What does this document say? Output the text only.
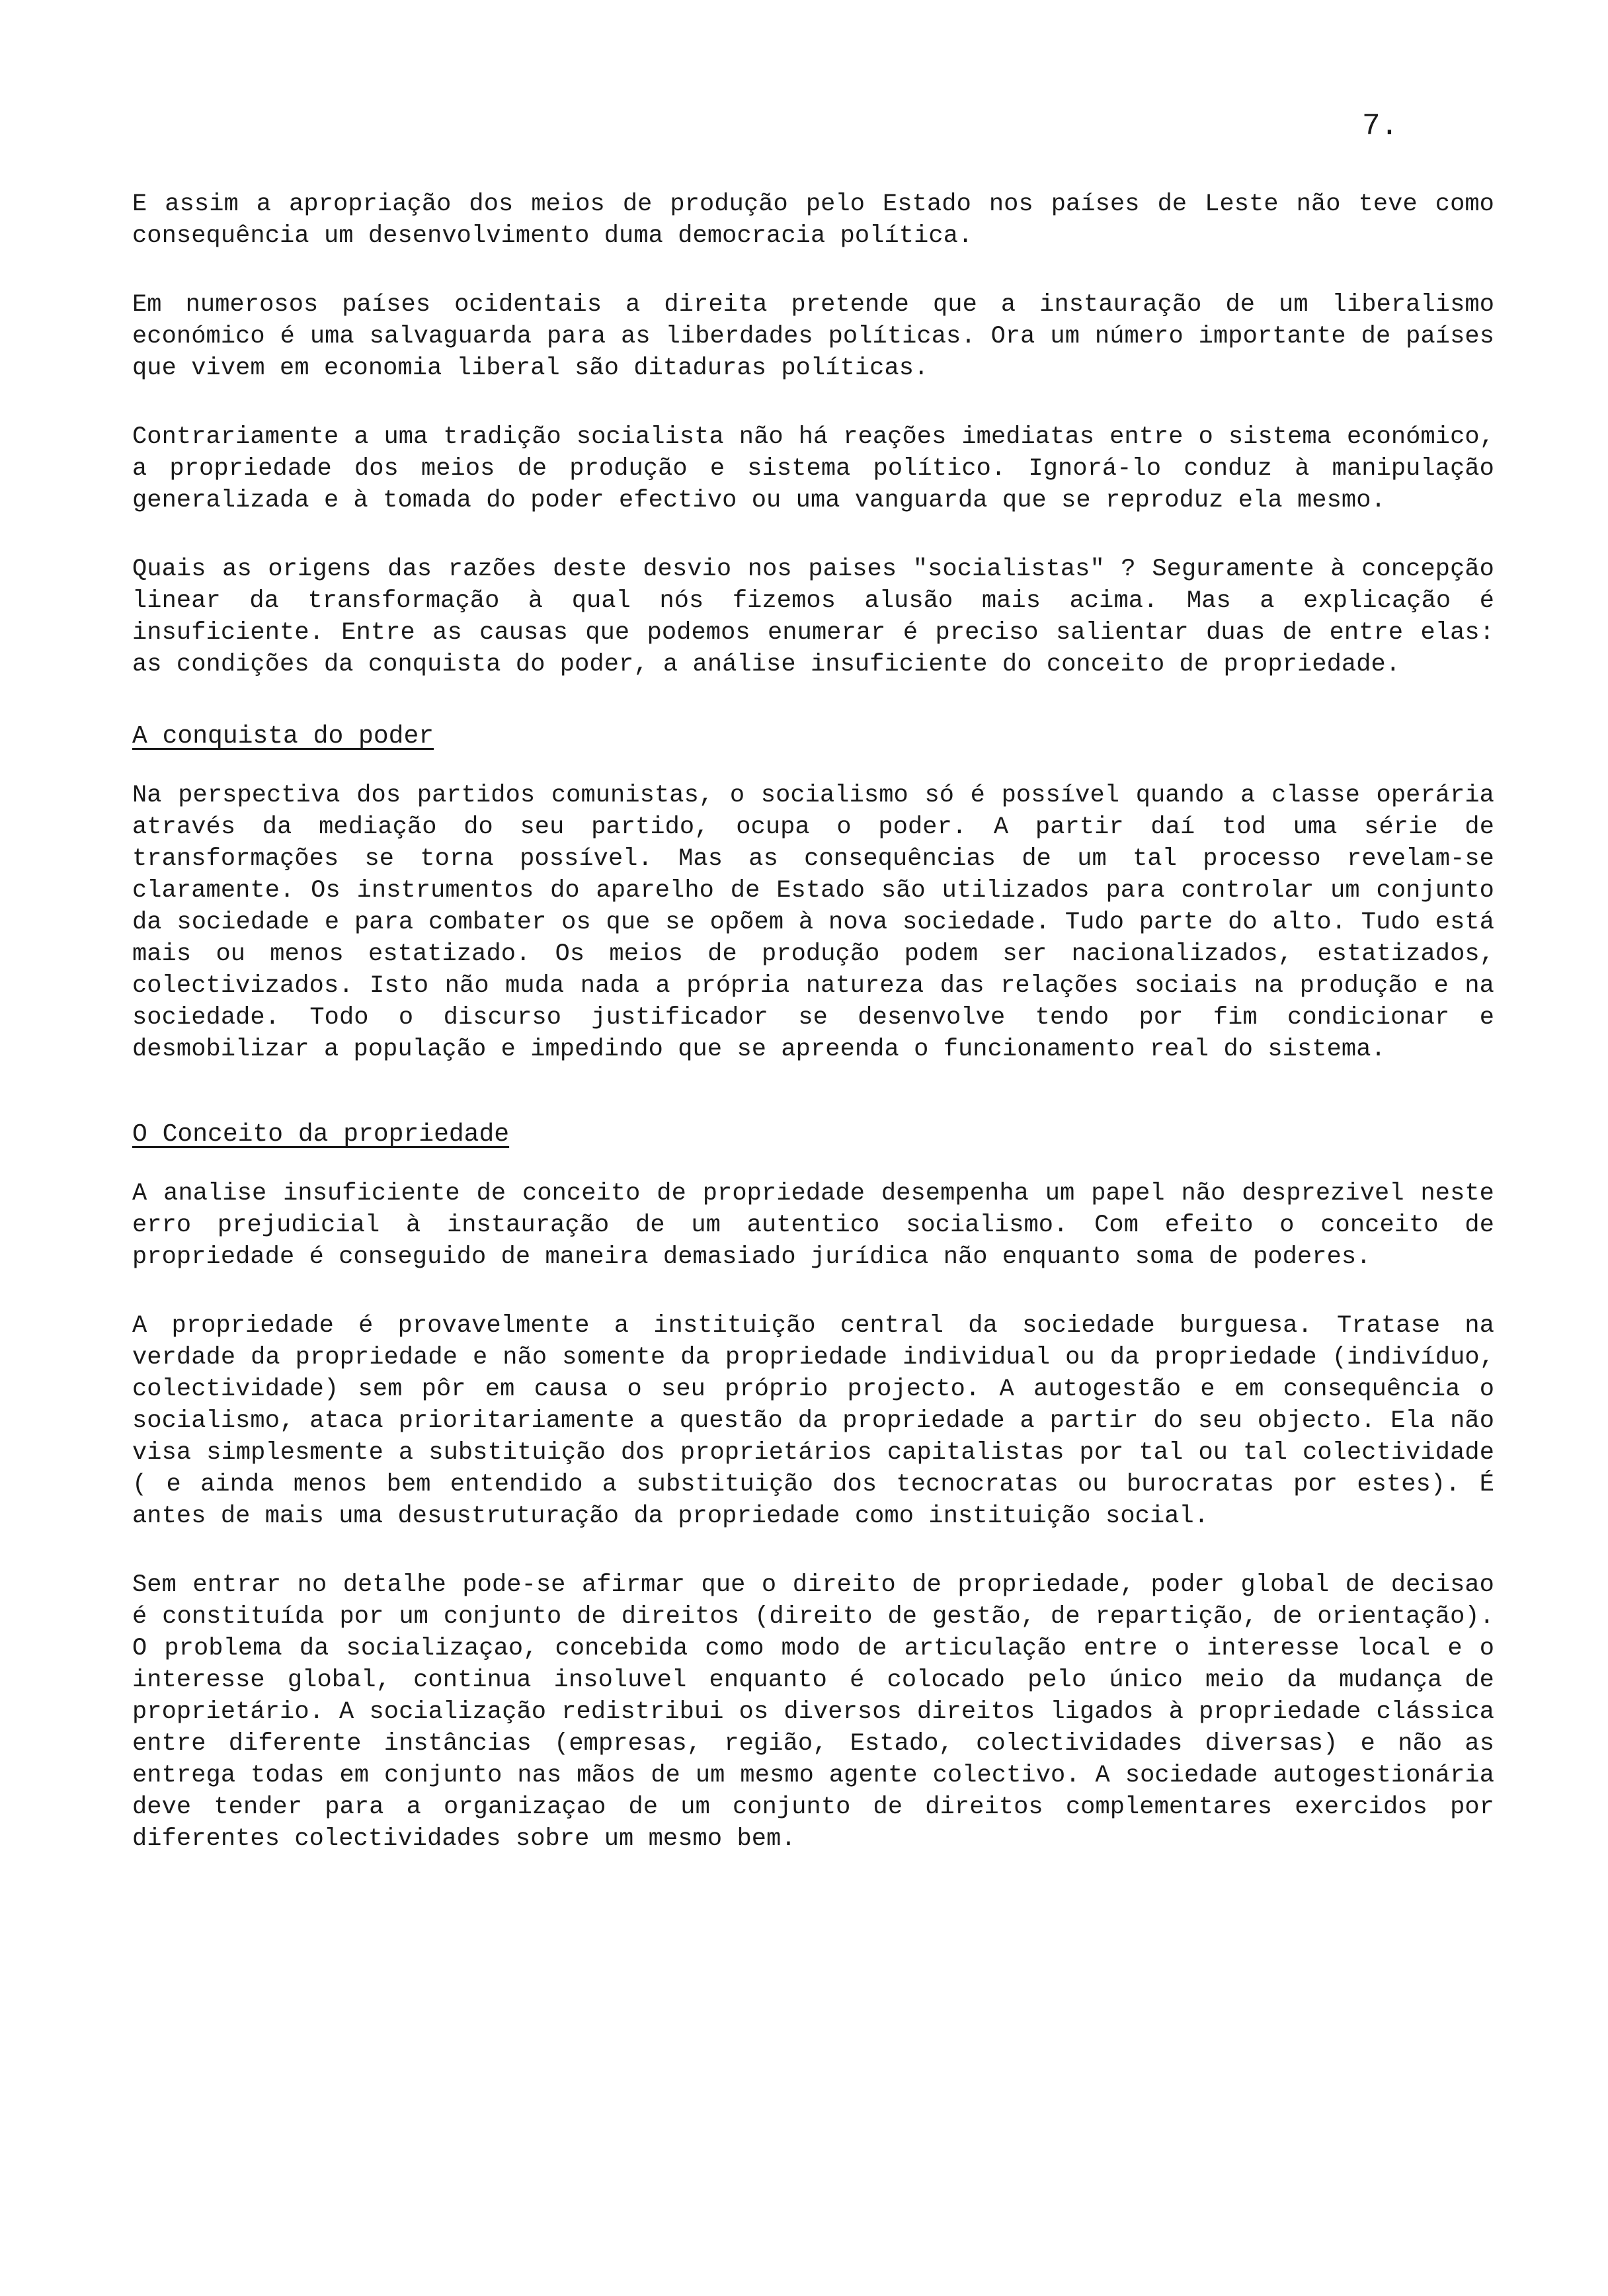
7.

E assim a apropriação dos meios de produção pelo Estado nos países de Leste não teve como consequência um desenvolvimento duma democracia política.

Em numerosos países ocidentais a direita pretende que a instauração de um liberalismo económico é uma salvaguarda para as liberdades políticas. Ora um número importante de países que vivem em economia liberal são ditaduras políticas.

Contrariamente a uma tradição socialista não há reações imediatas entre o sistema económico, a propriedade dos meios de produção e sistema político. Ignorá-lo conduz à manipulação generalizada e à tomada do poder efectivo ou uma vanguarda que se reproduz ela mesmo.

Quais as origens das razões deste desvio nos paises "socialistas" ? Seguramente à concepção linear da transformação à qual nós fizemos alusão mais acima. Mas a explicação é insuficiente. Entre as causas que podemos enumerar é preciso salientar duas de entre elas: as condições da conquista do poder, a análise insuficiente do conceito de propriedade.

A conquista do poder

Na perspectiva dos partidos comunistas, o socialismo só é possível quando a classe operária através da mediação do seu partido, ocupa o poder. A partir daí tod uma série de transformações se torna possível. Mas as consequências de um tal processo revelam-se claramente. Os instrumentos do aparelho de Estado são utilizados para controlar um conjunto da sociedade e para combater os que se opõem à nova sociedade. Tudo parte do alto. Tudo está mais ou menos estatizado. Os meios de produção podem ser nacionalizados, estatizados, colectivizados. Isto não muda nada a própria natureza das relações sociais na produção e na sociedade. Todo o discurso justificador se desenvolve tendo por fim condicionar e desmobilizar a população e impedindo que se apreenda o funcionamento real do sistema.

O Conceito da propriedade

A analise insuficiente de conceito de propriedade desempenha um papel não desprezivel neste erro prejudicial à instauração de um autentico socialismo. Com efeito o conceito de propriedade é conseguido de maneira demasiado jurídica não enquanto soma de poderes.

A propriedade é provavelmente a instituição central da sociedade burguesa. Tratase na verdade da propriedade e não somente da propriedade individual ou da propriedade (indivíduo, colectividade) sem pôr em causa o seu próprio projecto. A autogestão e em consequência o socialismo, ataca prioritariamente a questão da propriedade a partir do seu objecto. Ela não visa simplesmente a substituição dos proprietários capitalistas por tal ou tal colectividade ( e ainda menos bem entendido a substituição dos tecnocratas ou burocratas por estes). É antes de mais uma desustruturação da propriedade como instituição social.

Sem entrar no detalhe pode-se afirmar que o direito de propriedade, poder global de decisao é constituída por um conjunto de direitos (direito de gestão, de repartição, de orientação). O problema da socializaçao, concebida como modo de articulação entre o interesse local e o interesse global, continua insoluvel enquanto é colocado pelo único meio da mudança de proprietário. A socialização redistribui os diversos direitos ligados à propriedade clássica entre diferente instâncias (empresas, região, Estado, colectividades diversas) e não as entrega todas em conjunto nas mãos de um mesmo agente colectivo. A sociedade autogestionária deve tender para a organizaçao de um conjunto de direitos complementares exercidos por diferentes colectividades sobre um mesmo bem.
